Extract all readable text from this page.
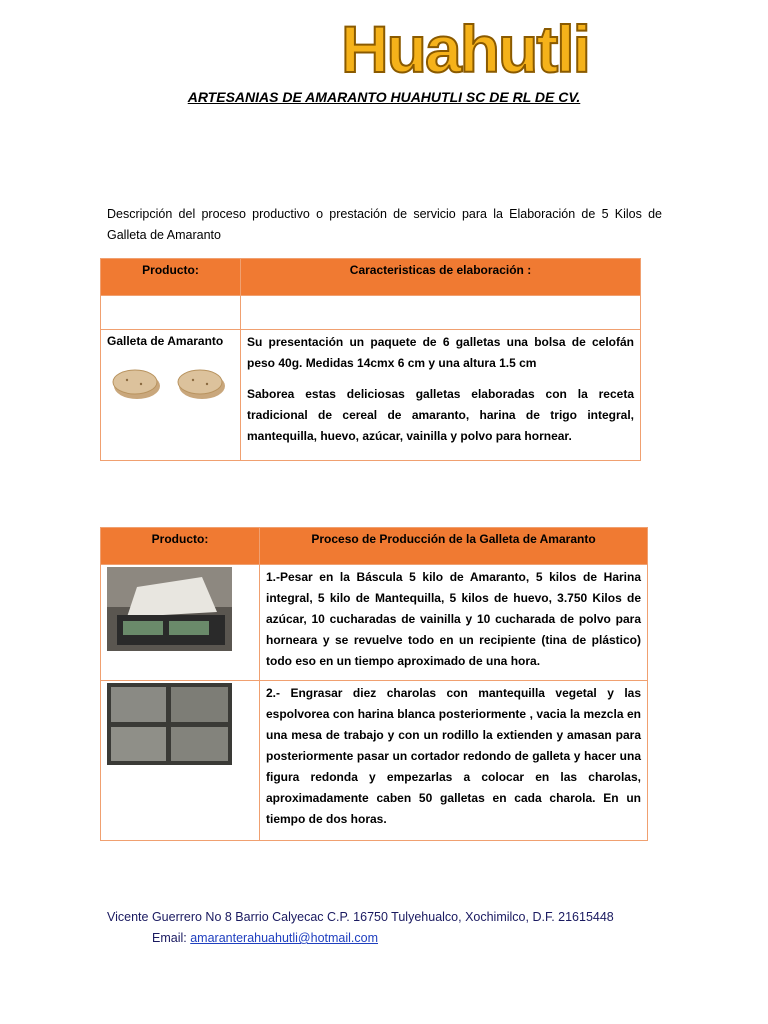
Huahutli
ARTESANIAS DE AMARANTO HUAHUTLI SC DE RL DE CV.
Descripción del proceso productivo o prestación de servicio para la Elaboración de 5 Kilos de Galleta de Amaranto
Producto:	Caracteristicas de elaboración :

Galleta de Amaranto	Su presentación un paquete de 6 galletas una bolsa de celofán peso 40g. Medidas 14cmx 6 cm y una altura 1.5 cm
Saborea estas deliciosas galletas elaboradas con la receta tradicional de cereal de amaranto, harina de trigo integral, mantequilla, huevo, azúcar, vainilla y polvo para hornear.
Producto:	Proceso de Producción de la Galleta de Amaranto

1.-Pesar en la Báscula 5 kilo de Amaranto, 5 kilos de Harina integral, 5 kilo de Mantequilla, 5 kilos de huevo, 3.750 Kilos de azúcar, 10 cucharadas de vainilla y 10 cucharada de polvo para horneara y se revuelve todo en un recipiente (tina de plástico) todo eso en un tiempo aproximado de una hora.

2.- Engrasar diez charolas con mantequilla vegetal y las espolvorea con harina blanca posteriormente , vacia la mezcla en una mesa de trabajo y con un rodillo la extienden y amasan para posteriormente pasar un cortador redondo de galleta y hacer una figura redonda y empezarlas a colocar en las charolas, aproximadamente caben 50 galletas en cada charola. En un tiempo de dos horas.
Vicente Guerrero No 8 Barrio Calyecac C.P. 16750 Tulyehualco, Xochimilco, D.F. 21615448
Email: amaranterahuahutli@hotmail.com
